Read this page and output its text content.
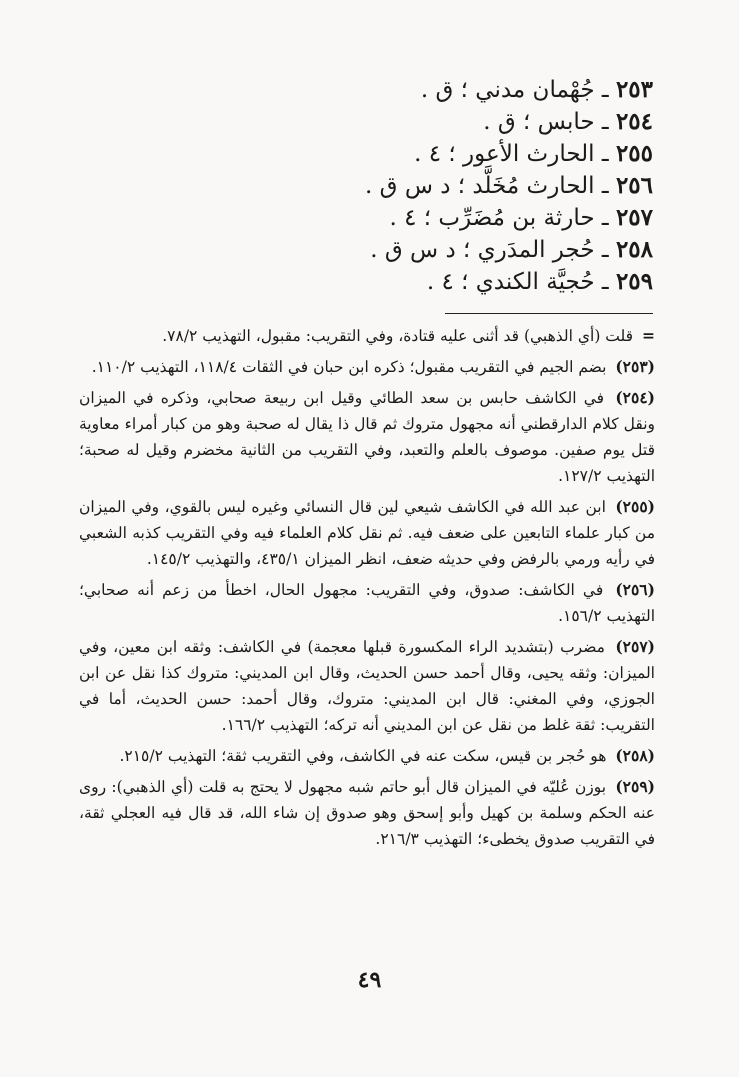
٢٥٣ ـ جُهْمان مدني ؛ ق .
٢٥٤ ـ حابس ؛ ق .
٢٥٥ ـ الحارث الأعور ؛ ٤ .
٢٥٦ ـ الحارث مُخَلَّد ؛ د س ق .
٢٥٧ ـ حارثة بن مُضَرِّب ؛ ٤ .
٢٥٨ ـ حُجر المدَري ؛ د س ق .
٢٥٩ ـ حُجيَّة الكندي ؛ ٤ .
= قلت (أي الذهبي) قد أثنى عليه قتادة، وفي التقريب: مقبول، التهذيب ٧٨/٢.
(٢٥٣) بضم الجيم في التقريب مقبول؛ ذكره ابن حبان في الثقات ١١٨/٤، التهذيب ١١٠/٢.
(٢٥٤) في الكاشف حابس بن سعد الطائي وقيل ابن ربيعة صحابي، وذكره في الميزان ونقل كلام الدارقطني أنه مجهول متروك ثم قال ذا يقال له صحبة وهو من كبار أمراء معاوية قتل يوم صفين. موصوف بالعلم والتعبد، وفي التقريب من الثانية مخضرم وقيل له صحبة؛ التهذيب ١٢٧/٢.
(٢٥٥) ابن عبد الله في الكاشف شيعي لين قال النسائي وغيره ليس بالقوي، وفي الميزان من كبار علماء التابعين على ضعف فيه. ثم نقل كلام العلماء فيه وفي التقريب كذبه الشعبي في رأيه ورمي بالرفض وفي حديثه ضعف، انظر الميزان ٤٣٥/١، والتهذيب ١٤٥/٢.
(٢٥٦) في الكاشف: صدوق، وفي التقريب: مجهول الحال، اخطأ من زعم أنه صحابي؛ التهذيب ١٥٦/٢.
(٢٥٧) مضرب (بتشديد الراء المكسورة قبلها معجمة) في الكاشف: وثقه ابن معين، وفي الميزان: وثقه يحيى، وقال أحمد حسن الحديث، وقال ابن المديني: متروك كذا نقل عن ابن الجوزي، وفي المغني: قال ابن المديني: متروك، وقال أحمد: حسن الحديث، أما في التقريب: ثقة غلط من نقل عن ابن المديني أنه تركه؛ التهذيب ١٦٦/٢.
(٢٥٨) هو حُجر بن قيس، سكت عنه في الكاشف، وفي التقريب ثقة؛ التهذيب ٢١٥/٢.
(٢٥٩) بوزن عُليّه في الميزان قال أبو حاتم شبه مجهول لا يحتج به قلت (أي الذهبي): روى عنه الحكم وسلمة بن كهيل وأبو إسحق وهو صدوق إن شاء الله، قد قال فيه العجلي ثقة، في التقريب صدوق يخطىء؛ التهذيب ٢١٦/٣.
٤٩
